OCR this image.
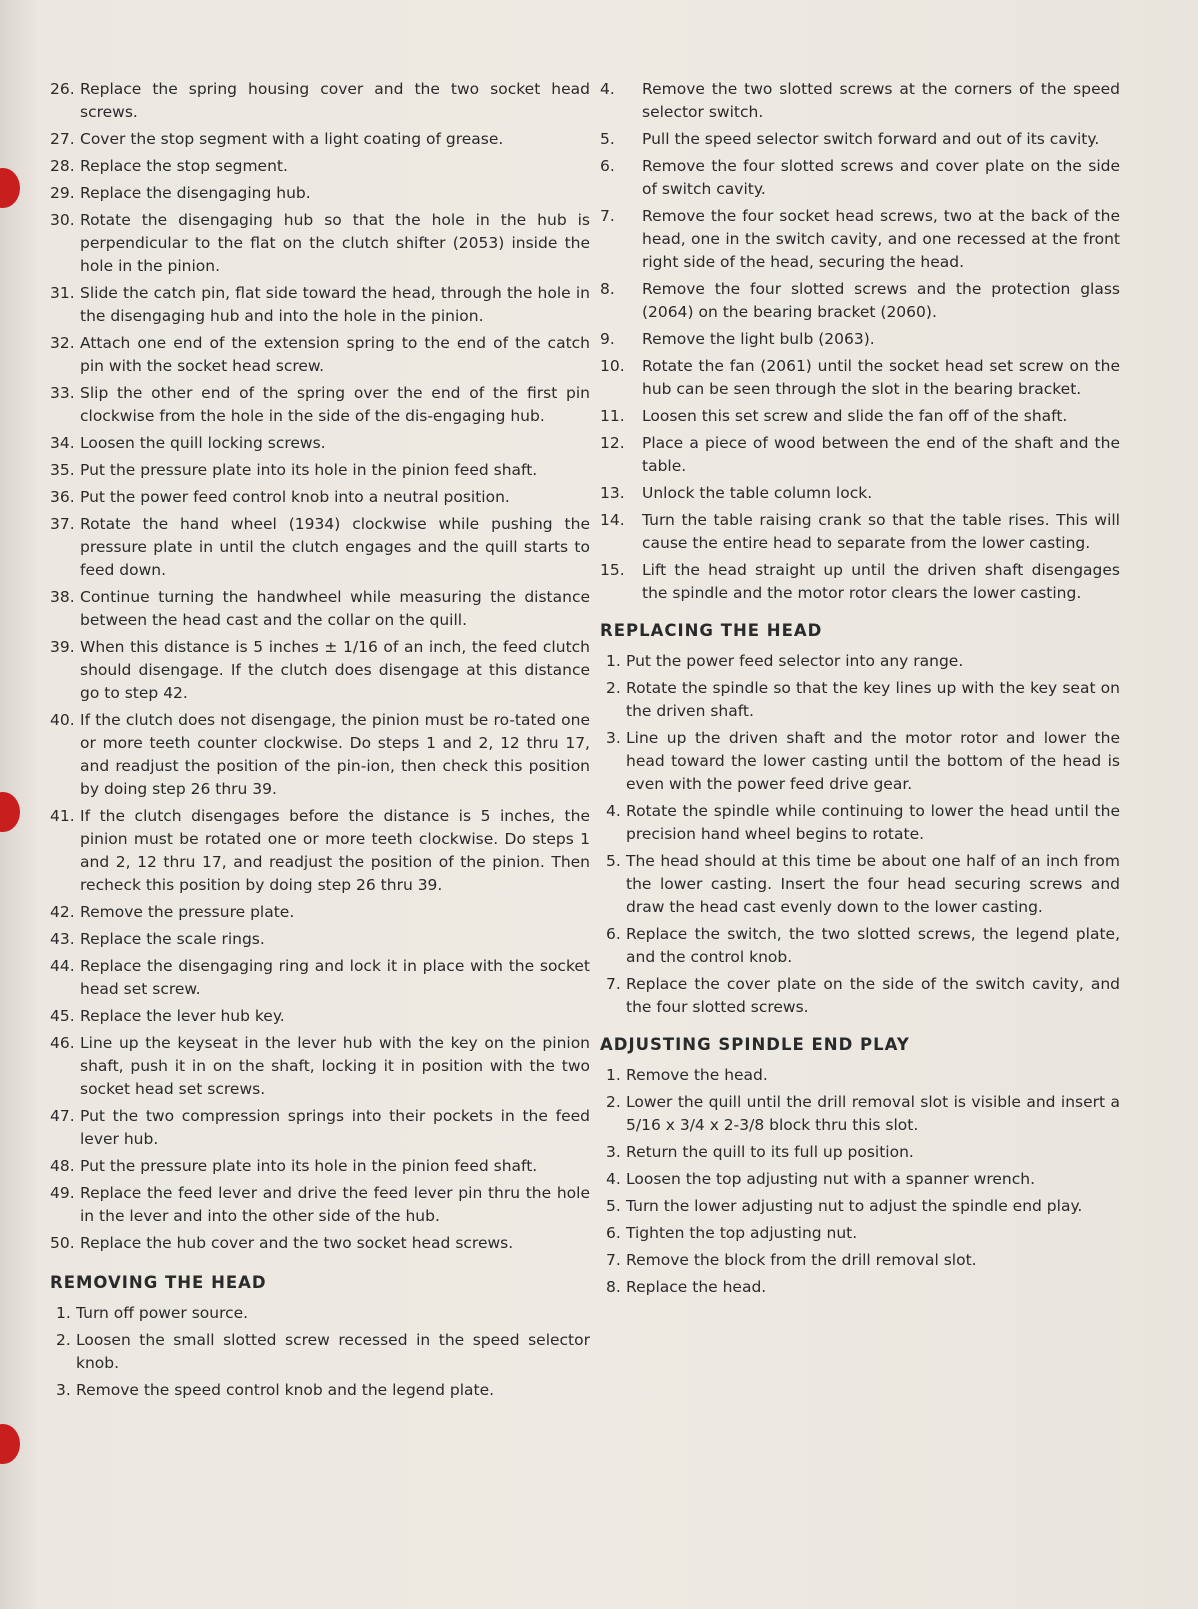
26. Replace the spring housing cover and the two socket head screws.
27. Cover the stop segment with a light coating of grease.
28. Replace the stop segment.
29. Replace the disengaging hub.
30. Rotate the disengaging hub so that the hole in the hub is perpendicular to the flat on the clutch shifter (2053) inside the hole in the pinion.
31. Slide the catch pin, flat side toward the head, through the hole in the disengaging hub and into the hole in the pinion.
32. Attach one end of the extension spring to the end of the catch pin with the socket head screw.
33. Slip the other end of the spring over the end of the first pin clockwise from the hole in the side of the dis-engaging hub.
34. Loosen the quill locking screws.
35. Put the pressure plate into its hole in the pinion feed shaft.
36. Put the power feed control knob into a neutral position.
37. Rotate the hand wheel (1934) clockwise while pushing the pressure plate in until the clutch engages and the quill starts to feed down.
38. Continue turning the handwheel while measuring the distance between the head cast and the collar on the quill.
39. When this distance is 5 inches ± 1/16 of an inch, the feed clutch should disengage. If the clutch does disengage at this distance go to step 42.
40. If the clutch does not disengage, the pinion must be ro-tated one or more teeth counter clockwise. Do steps 1 and 2, 12 thru 17, and readjust the position of the pin-ion, then check this position by doing step 26 thru 39.
41. If the clutch disengages before the distance is 5 inches, the pinion must be rotated one or more teeth clockwise. Do steps 1 and 2, 12 thru 17, and readjust the position of the pinion. Then recheck this position by doing step 26 thru 39.
42. Remove the pressure plate.
43. Replace the scale rings.
44. Replace the disengaging ring and lock it in place with the socket head set screw.
45. Replace the lever hub key.
46. Line up the keyseat in the lever hub with the key on the pinion shaft, push it in on the shaft, locking it in position with the two socket head set screws.
47. Put the two compression springs into their pockets in the feed lever hub.
48. Put the pressure plate into its hole in the pinion feed shaft.
49. Replace the feed lever and drive the feed lever pin thru the hole in the lever and into the other side of the hub.
50. Replace the hub cover and the two socket head screws.
REMOVING THE HEAD
1. Turn off power source.
2. Loosen the small slotted screw recessed in the speed selector knob.
3. Remove the speed control knob and the legend plate.
4.	Remove the two slotted screws at the corners of the speed selector switch.
5.	Pull the speed selector switch forward and out of its cavity.
6.	Remove the four slotted screws and cover plate on the side of switch cavity.
7.	Remove the four socket head screws, two at the back of the head, one in the switch cavity, and one recessed at the front right side of the head, securing the head.
8.	Remove the four slotted screws and the protection glass (2064) on the bearing bracket (2060).
9.	Remove the light bulb (2063).
10.	Rotate the fan (2061) until the socket head set screw on the hub can be seen through the slot in the bearing bracket.
11.	Loosen this set screw and slide the fan off of the shaft.
12.	Place a piece of wood between the end of the shaft and the table.
13.	Unlock the table column lock.
14.	Turn the table raising crank so that the table rises. This will cause the entire head to separate from the lower casting.
15.	Lift the head straight up until the driven shaft disengages the spindle and the motor rotor clears the lower casting.
REPLACING THE HEAD
1. Put the power feed selector into any range.
2. Rotate the spindle so that the key lines up with the key seat on the driven shaft.
3. Line up the driven shaft and the motor rotor and lower the head toward the lower casting until the bottom of the head is even with the power feed drive gear.
4. Rotate the spindle while continuing to lower the head until the precision hand wheel begins to rotate.
5. The head should at this time be about one half of an inch from the lower casting. Insert the four head securing screws and draw the head cast evenly down to the lower casting.
6. Replace the switch, the two slotted screws, the legend plate, and the control knob.
7. Replace the cover plate on the side of the switch cavity, and the four slotted screws.
ADJUSTING SPINDLE END PLAY
1. Remove the head.
2. Lower the quill until the drill removal slot is visible and insert a 5/16 x 3/4 x 2-3/8 block thru this slot.
3. Return the quill to its full up position.
4. Loosen the top adjusting nut with a spanner wrench.
5. Turn the lower adjusting nut to adjust the spindle end play.
6. Tighten the top adjusting nut.
7. Remove the block from the drill removal slot.
8. Replace the head.
